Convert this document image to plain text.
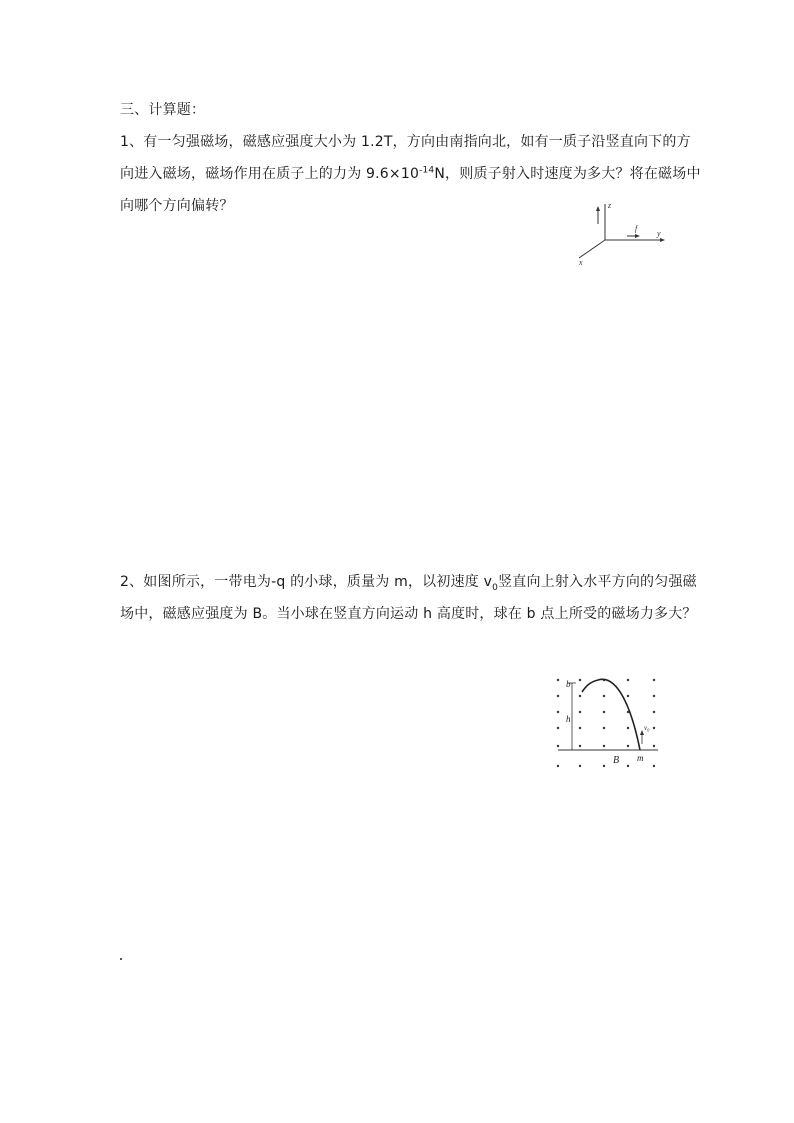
三、计算题：
1、有一匀强磁场，磁感应强度大小为 1.2T，方向由南指向北，如有一质子沿竖直向下的方
向进入磁场，磁场作用在质子上的力为 $9.6\times 10^{-14}N$，则质子射入时速度为多大？将在磁场中
向哪个方向偏转？	z
y
x
f
2、如图所示，一带电为-q 的小球，质量为 m，以初速度 $v_0$竖直向上射入水平方向的匀强磁
场中，磁感应强度为 B。当小球在竖直方向运动 h 高度时，球在 b 点上所受的磁场力多大？
b
h
B m
v₀
